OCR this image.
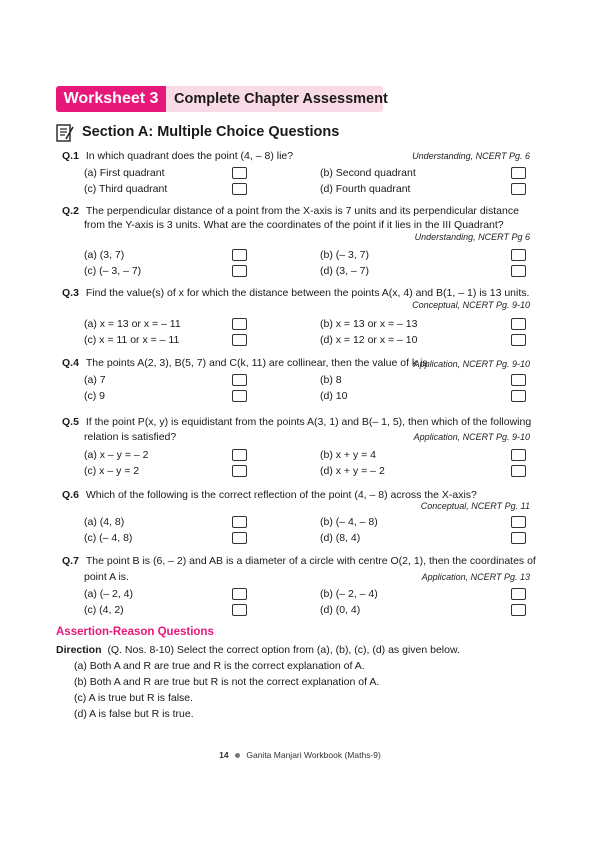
Worksheet 3	Complete Chapter Assessment
Section A: Multiple Choice Questions
Q.1 In which quadrant does the point (4, – 8) lie?	Understanding, NCERT Pg. 6
(a) First quadrant	(b) Second quadrant
(c) Third quadrant	(d) Fourth quadrant
Q.2 The perpendicular distance of a point from the X-axis is 7 units and its perpendicular distance
from the Y-axis is 3 units. What are the coordinates of the point if it lies in the III Quadrant?
Understanding, NCERT Pg 6
(a) (3, 7)	(b) (– 3, 7)
(c) (– 3, – 7)	(d) (3, – 7)
Q.3 Find the value(s) of x for which the distance between the points A(x, 4) and B(1, – 1) is 13 units.
Conceptual, NCERT Pg. 9-10
(a) x = 13 or x = – 11	(b) x = 13 or x = – 13
(c) x = 11 or x = – 11	(d) x = 12 or x = – 10
Q.4 The points A(2, 3), B(5, 7) and C(k, 11) are collinear, then the value of k is
Application, NCERT Pg. 9-10
(a) 7	(b) 8
(c) 9	(d) 10
Q.5 If the point P(x, y) is equidistant from the points A(3, 1) and B(– 1, 5), then which of the following
relation is satisfied?	Application, NCERT Pg. 9-10
(a) x – y = – 2	(b) x + y = 4
(c) x – y = 2	(d) x + y = – 2
Q.6 Which of the following is the correct reflection of the point (4, – 8) across the X-axis?
Conceptual, NCERT Pg. 11
(a) (4, 8)	(b) (– 4, – 8)
(c) (– 4, 8)	(d) (8, 4)
Q.7 The point B is (6, – 2) and AB is a diameter of a circle with centre O(2, 1), then the coordinates of
point A is.	Application, NCERT Pg. 13
(a) (– 2, 4)	(b) (– 2, – 4)
(c) (4, 2)	(d) (0, 4)
Assertion-Reason Questions
Direction (Q. Nos. 8-10) Select the correct option from (a), (b), (c), (d) as given below.
(a) Both A and R are true and R is the correct explanation of A.
(b) Both A and R are true but R is not the correct explanation of A.
(c) A is true but R is false.
(d) A is false but R is true.
14 Ganita Manjari Workbook (Maths-9)
